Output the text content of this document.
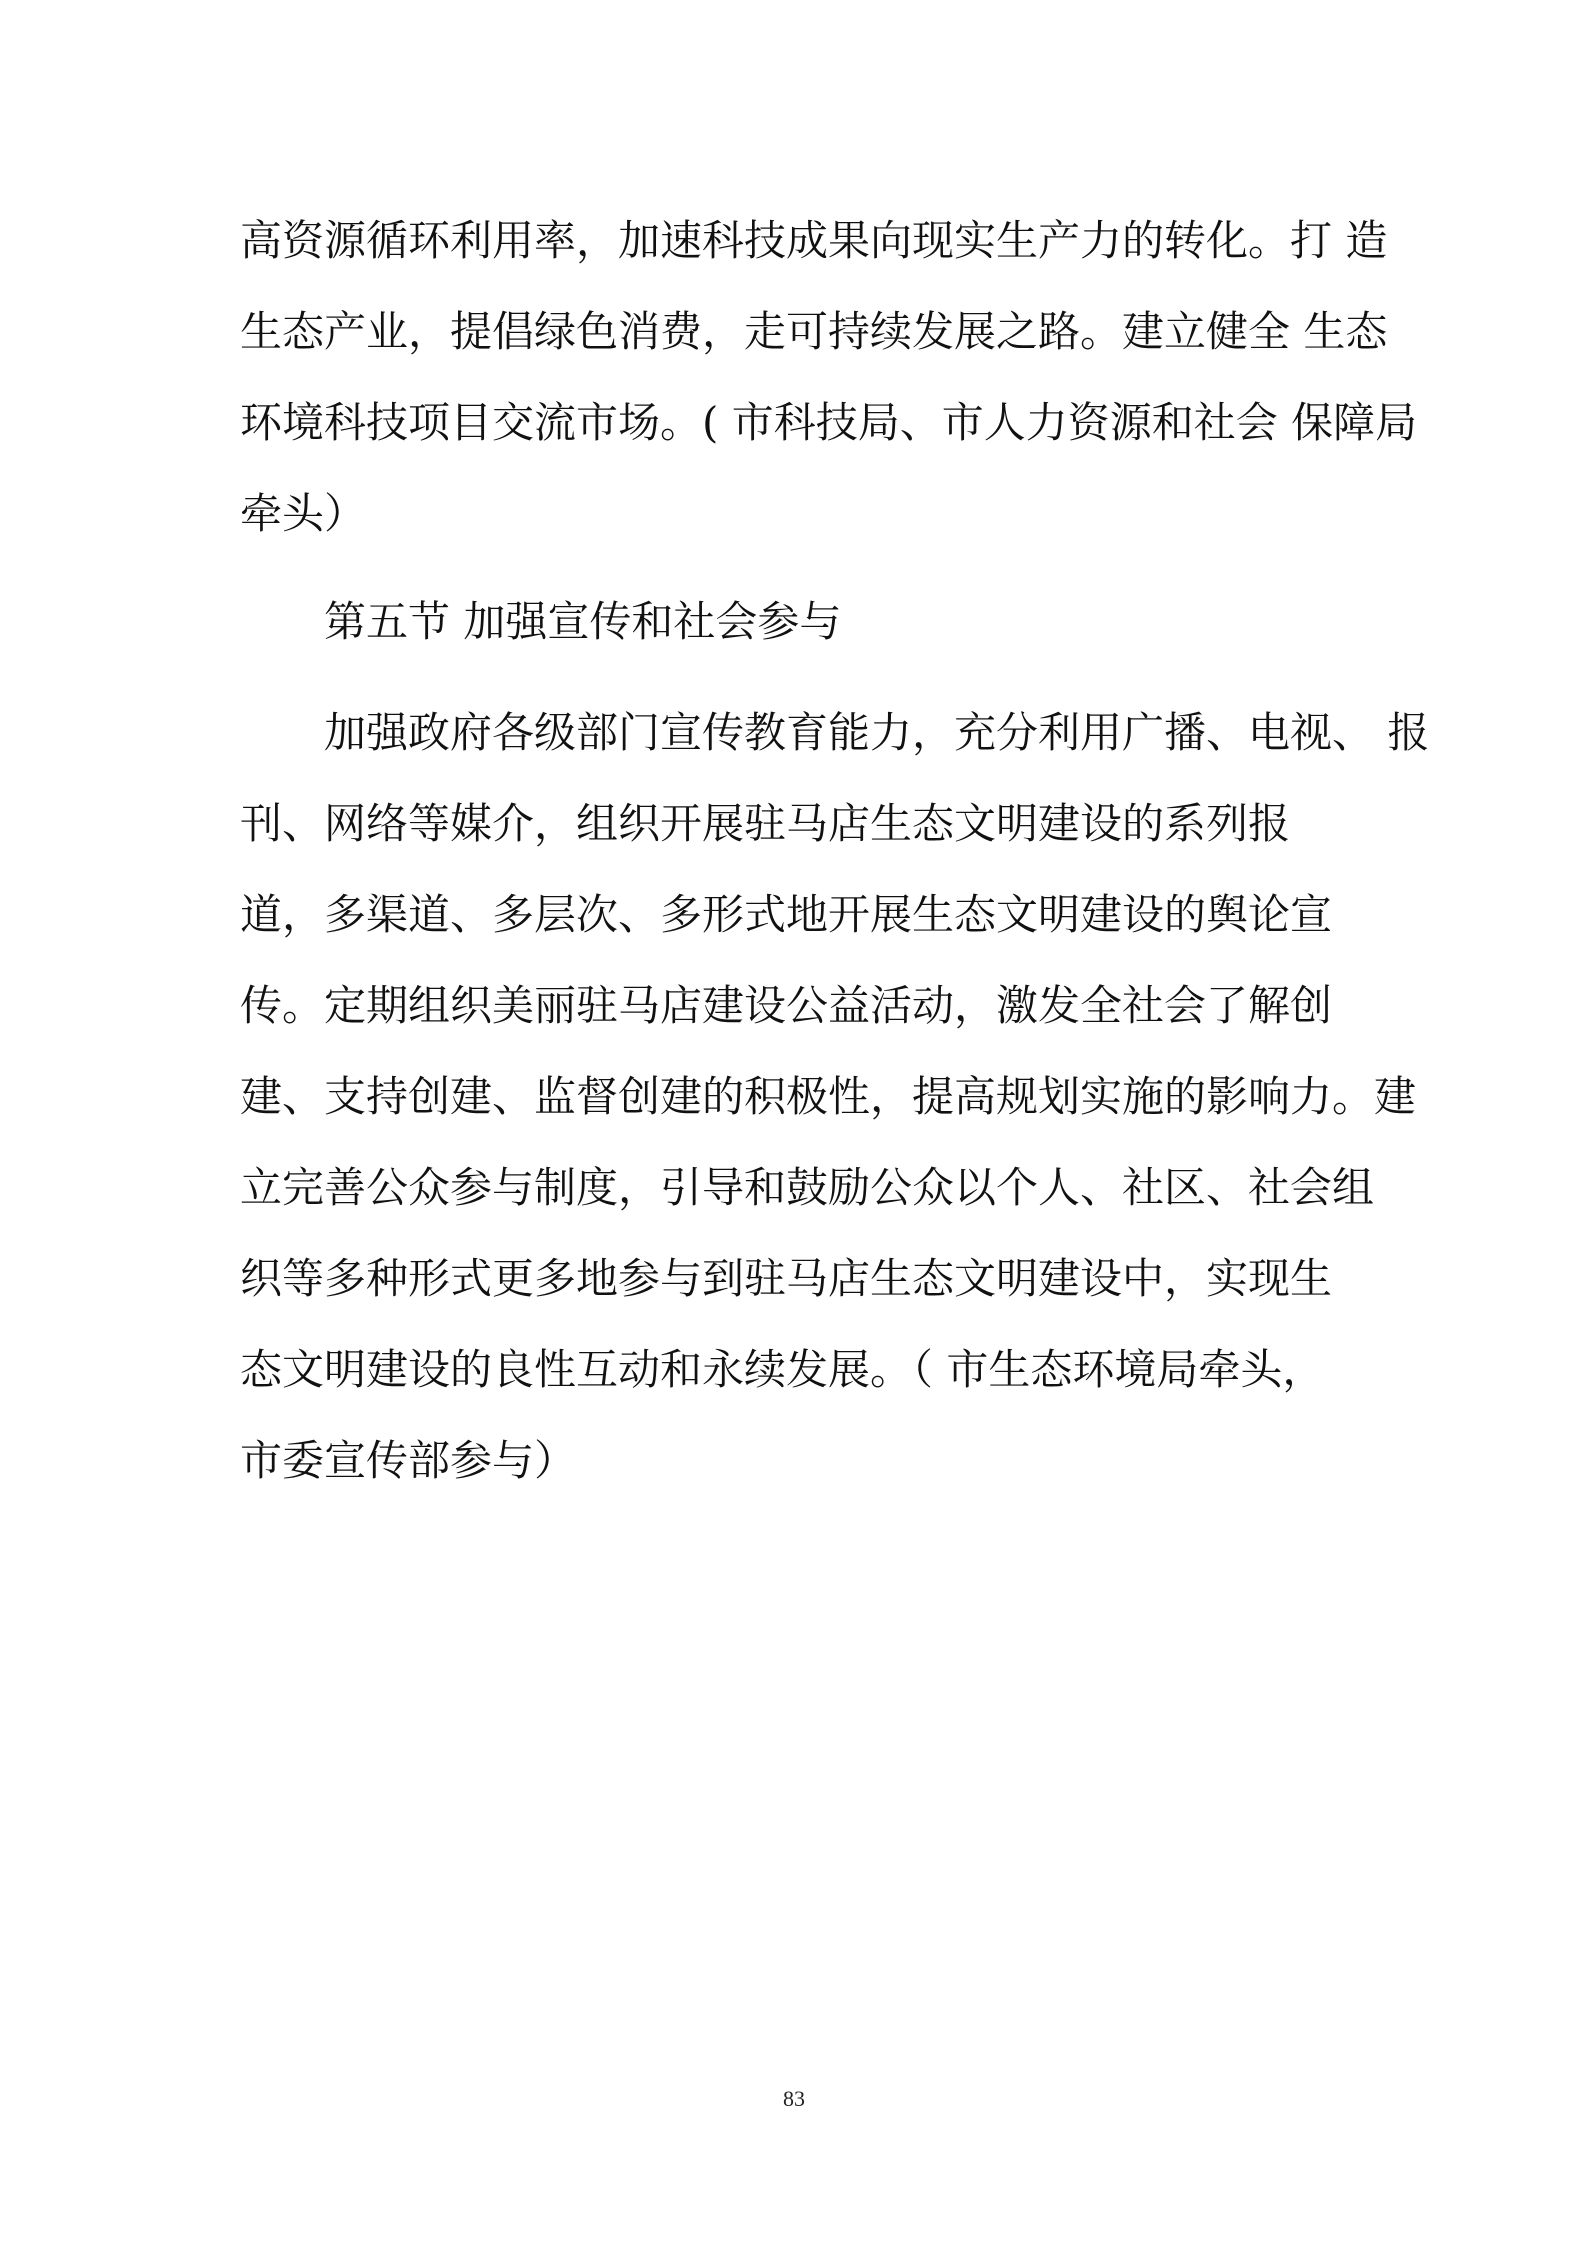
高资源循环利用率，加速科技成果向现实生产力的转化。打 造
生态产业，提倡绿色消费，走可持续发展之路。建立健全 生态
环境科技项目交流市场。( 市科技局、市人力资源和社会 保障局
牵头）
第五节 加强宣传和社会参与
加强政府各级部门宣传教育能力，充分利用广播、电视、 报
刊、网络等媒介，组织开展驻马店生态文明建设的系列报
道，多渠道、多层次、多形式地开展生态文明建设的舆论宣
传。定期组织美丽驻马店建设公益活动，激发全社会了解创
建、支持创建、监督创建的积极性，提高规划实施的影响力。建
立完善公众参与制度，引导和鼓励公众以个人、社区、社会组
织等多种形式更多地参与到驻马店生态文明建设中，实现生
态文明建设的良性互动和永续发展。（ 市生态环境局牵头，
市委宣传部参与）
83
